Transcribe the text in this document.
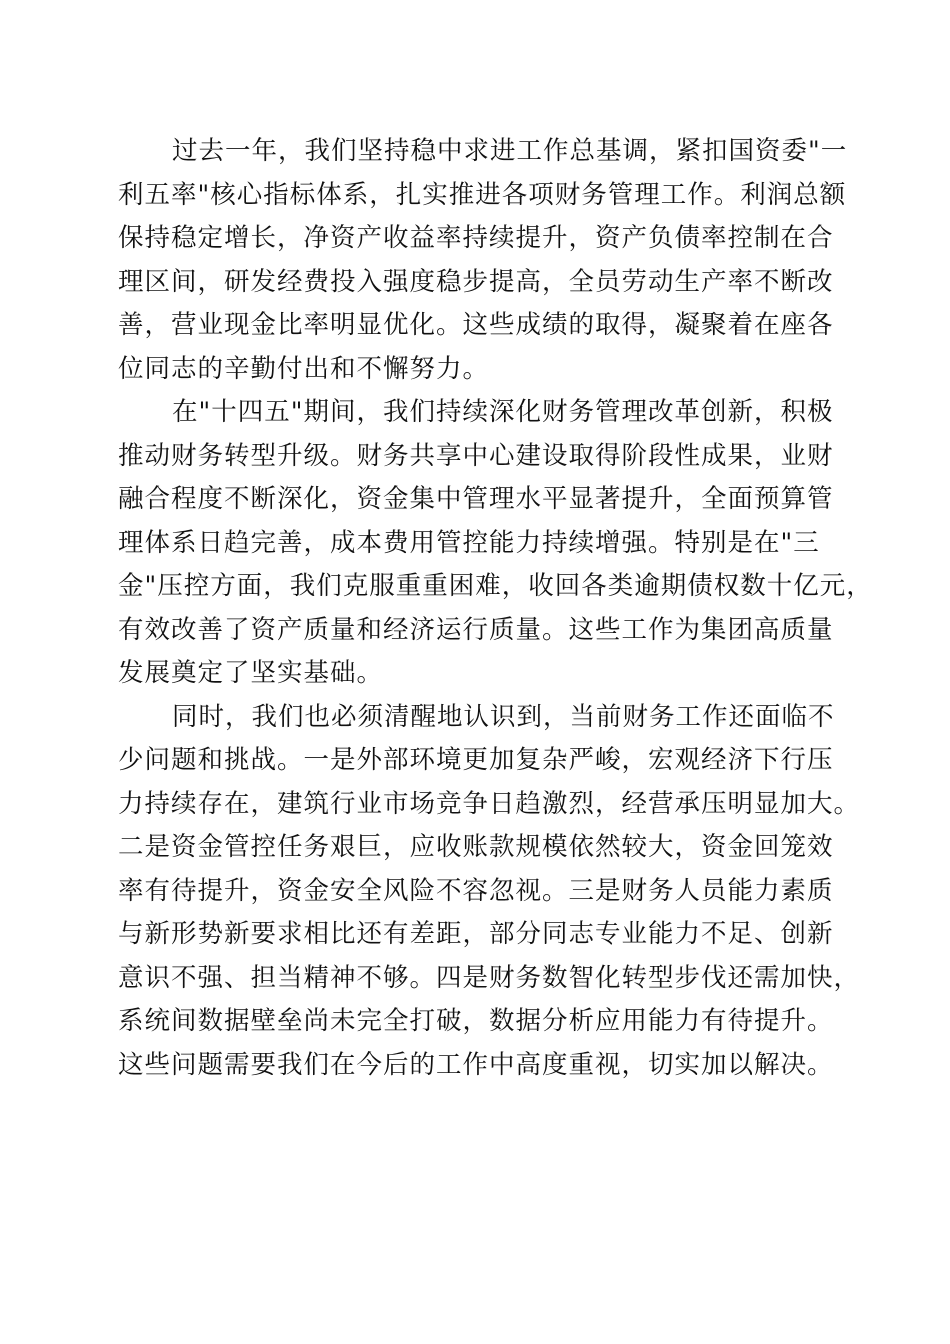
过去一年，我们坚持稳中求进工作总基调，紧扣国资委"一
利五率"核心指标体系，扎实推进各项财务管理工作。利润总额
保持稳定增长，净资产收益率持续提升，资产负债率控制在合
理区间，研发经费投入强度稳步提高，全员劳动生产率不断改
善，营业现金比率明显优化。这些成绩的取得，凝聚着在座各
位同志的辛勤付出和不懈努力。
在"十四五"期间，我们持续深化财务管理改革创新，积极
推动财务转型升级。财务共享中心建设取得阶段性成果，业财
融合程度不断深化，资金集中管理水平显著提升，全面预算管
理体系日趋完善，成本费用管控能力持续增强。特别是在"三
金"压控方面，我们克服重重困难，收回各类逾期债权数十亿元，
有效改善了资产质量和经济运行质量。这些工作为集团高质量
发展奠定了坚实基础。
同时，我们也必须清醒地认识到，当前财务工作还面临不
少问题和挑战。一是外部环境更加复杂严峻，宏观经济下行压
力持续存在，建筑行业市场竞争日趋激烈，经营承压明显加大。
二是资金管控任务艰巨，应收账款规模依然较大，资金回笼效
率有待提升，资金安全风险不容忽视。三是财务人员能力素质
与新形势新要求相比还有差距，部分同志专业能力不足、创新
意识不强、担当精神不够。四是财务数智化转型步伐还需加快，
系统间数据壁垒尚未完全打破，数据分析应用能力有待提升。
这些问题需要我们在今后的工作中高度重视，切实加以解决。
